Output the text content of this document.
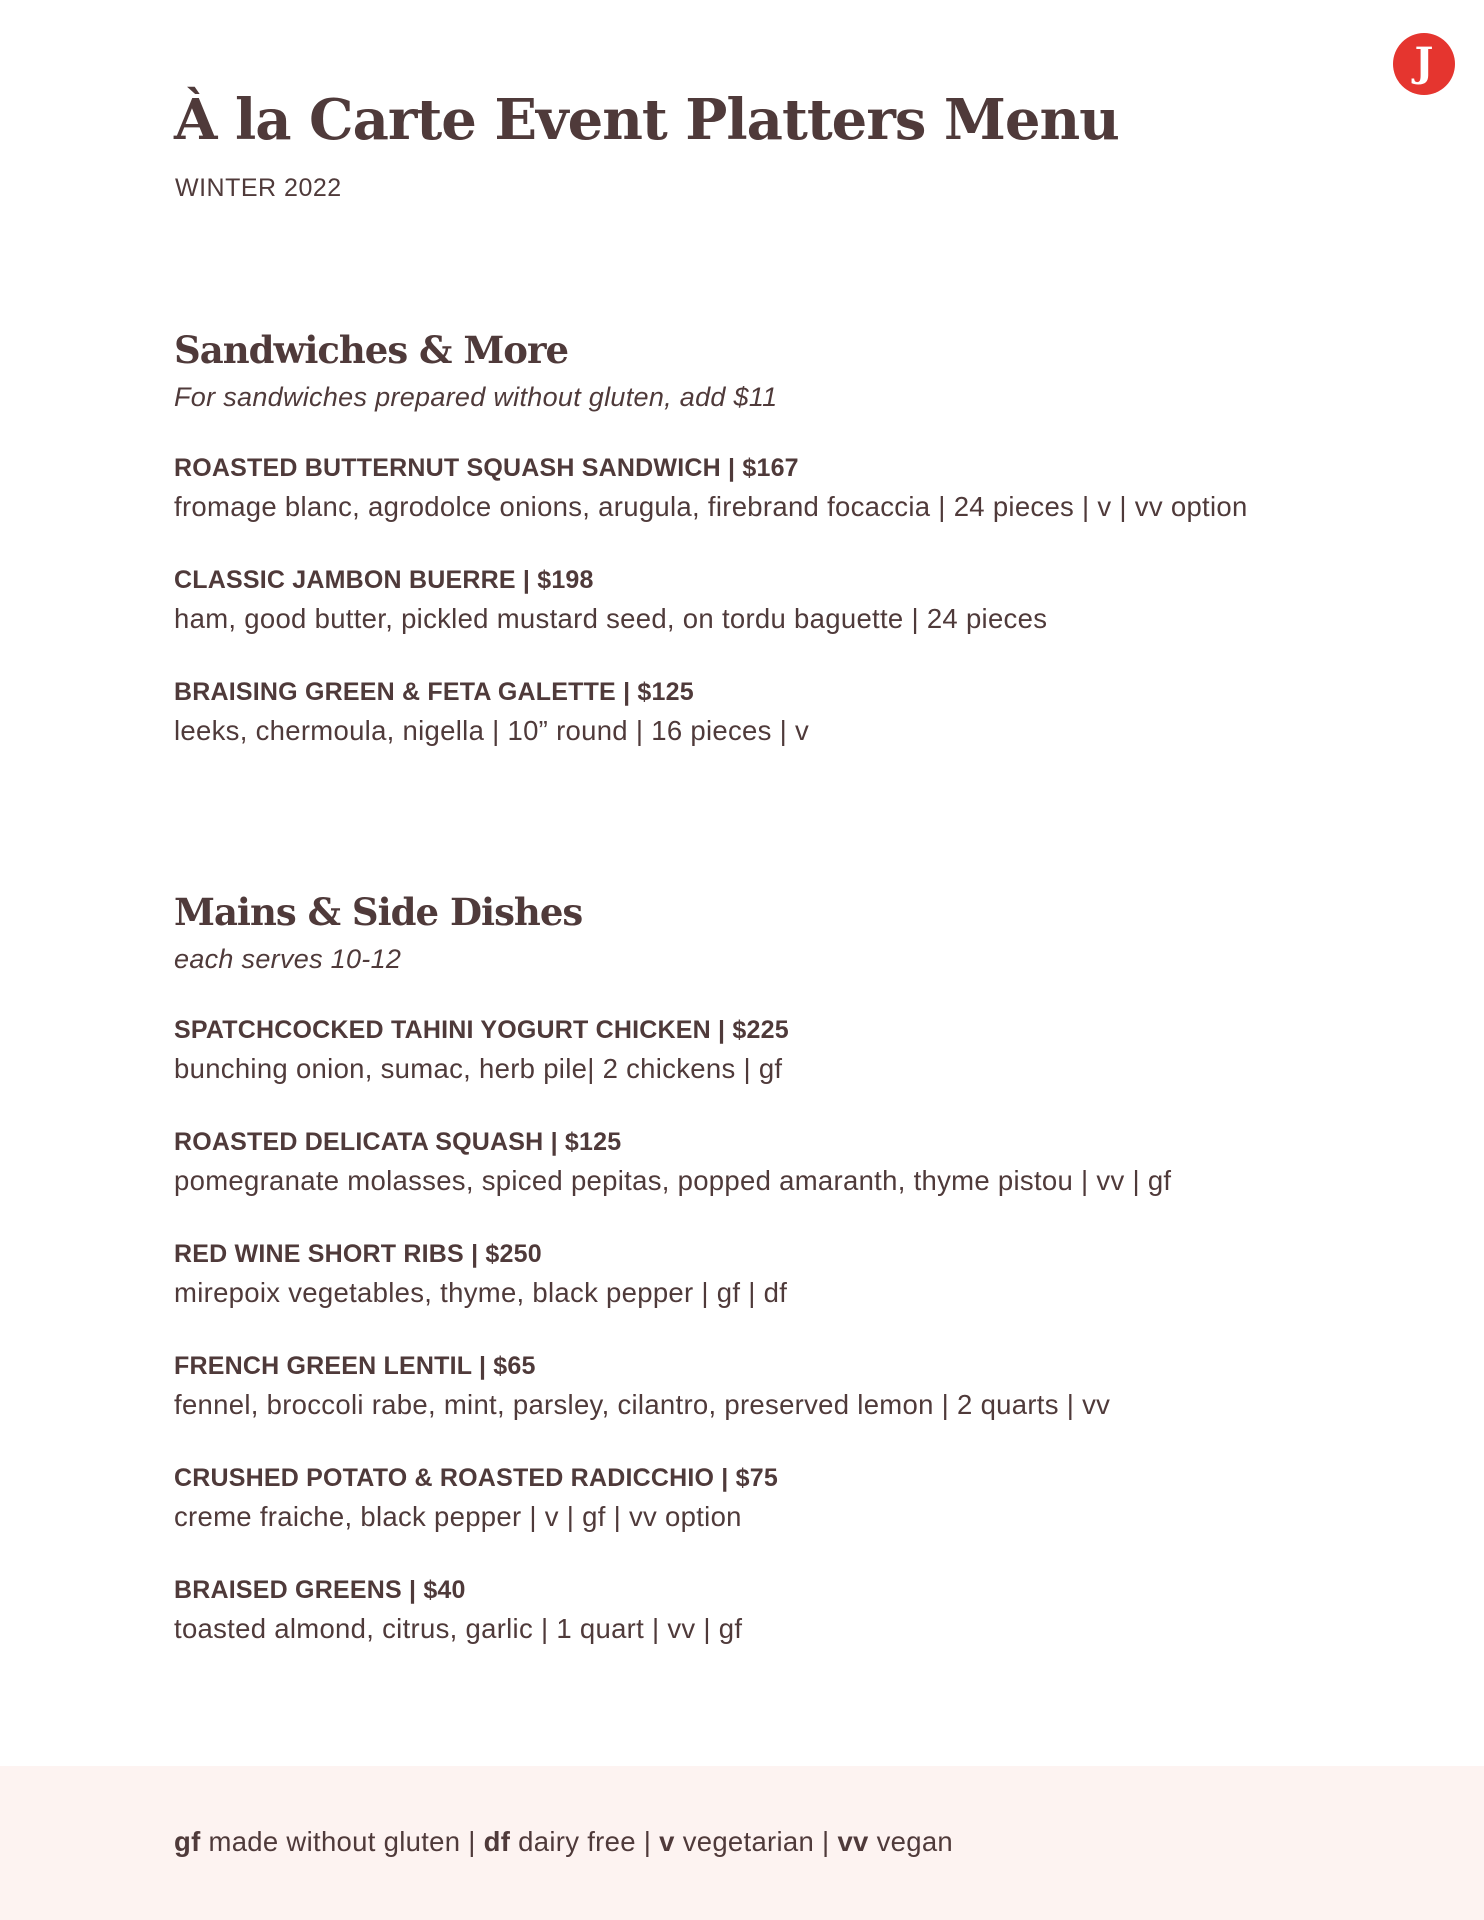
J
À la Carte Event Platters Menu
WINTER 2022
Sandwiches & More
For sandwiches prepared without gluten, add $11
ROASTED BUTTERNUT SQUASH SANDWICH | $167
fromage blanc, agrodolce onions, arugula, firebrand focaccia | 24 pieces | v | vv option
CLASSIC JAMBON BUERRE | $198
ham, good butter, pickled mustard seed, on tordu baguette | 24 pieces
BRAISING GREEN & FETA GALETTE | $125
leeks, chermoula, nigella | 10” round | 16 pieces | v
Mains & Side Dishes
each serves 10-12
SPATCHCOCKED TAHINI YOGURT CHICKEN | $225
bunching onion, sumac, herb pile| 2 chickens | gf
ROASTED DELICATA SQUASH | $125
pomegranate molasses, spiced pepitas, popped amaranth, thyme pistou | vv | gf
RED WINE SHORT RIBS | $250
mirepoix vegetables, thyme, black pepper | gf | df
FRENCH GREEN LENTIL | $65
fennel, broccoli rabe, mint, parsley, cilantro, preserved lemon | 2 quarts | vv
CRUSHED POTATO & ROASTED RADICCHIO | $75
creme fraiche, black pepper | v | gf | vv option
BRAISED GREENS | $40
toasted almond, citrus, garlic | 1 quart | vv | gf
gf made without gluten | df dairy free | v vegetarian | vv vegan
